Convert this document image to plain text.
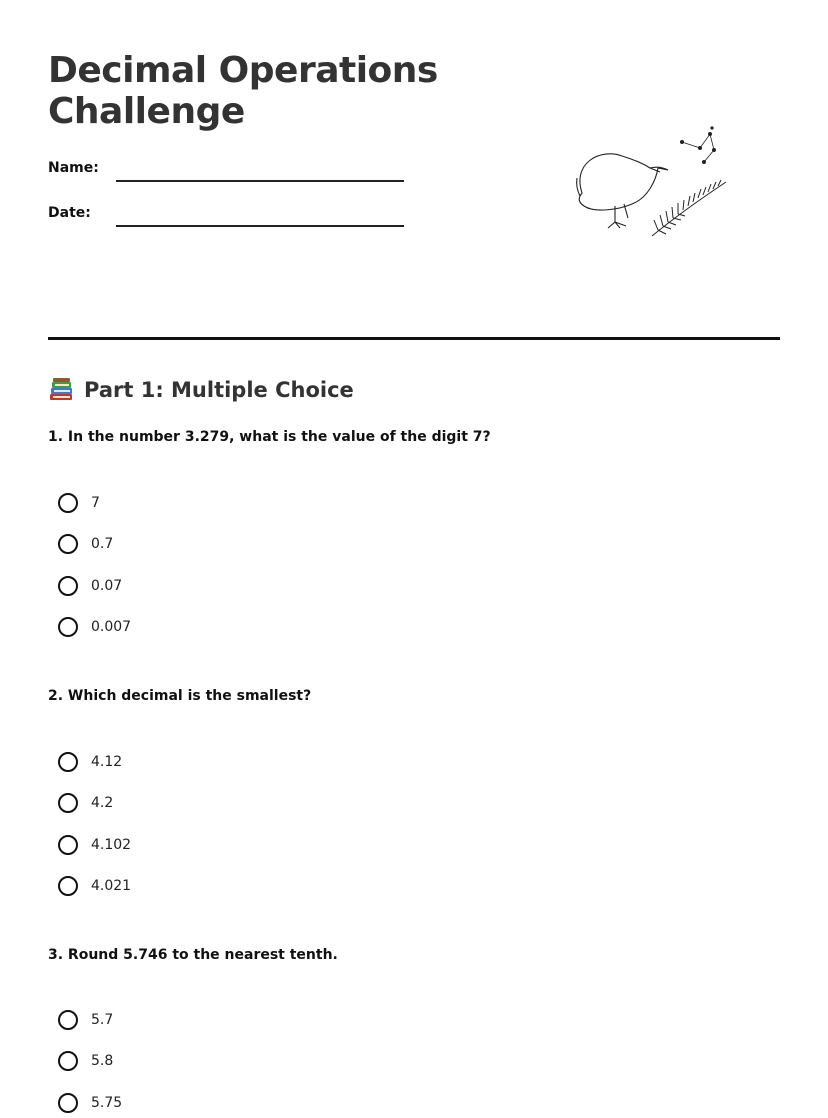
Decimal Operations Challenge
Name:
Date:
Part 1: Multiple Choice
1. In the number 3.279, what is the value of the digit 7?
7
0.7
0.07
0.007
2. Which decimal is the smallest?
4.12
4.2
4.102
4.021
3. Round 5.746 to the nearest tenth.
5.7
5.8
5.75
